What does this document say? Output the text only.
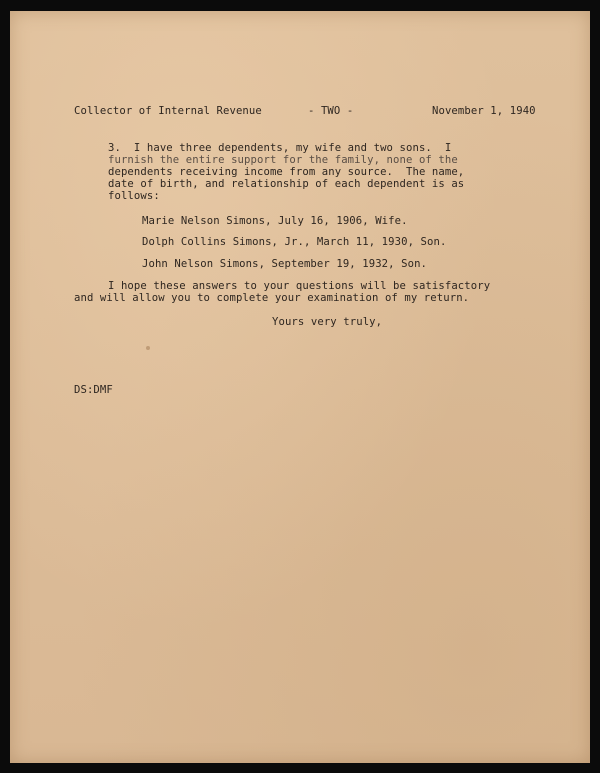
Collector of Internal Revenue	- TWO -	November 1, 1940
3.  I have three dependents, my wife and two sons.  I
furnish the entire support for the family, none of the
dependents receiving income from any source.  The name,
date of birth, and relationship of each dependent is as
follows:
Marie Nelson Simons, July 16, 1906, Wife.
Dolph Collins Simons, Jr., March 11, 1930, Son.
John Nelson Simons, September 19, 1932, Son.
I hope these answers to your questions will be satisfactory
and will allow you to complete your examination of my return.
Yours very truly,
DS:DMF
